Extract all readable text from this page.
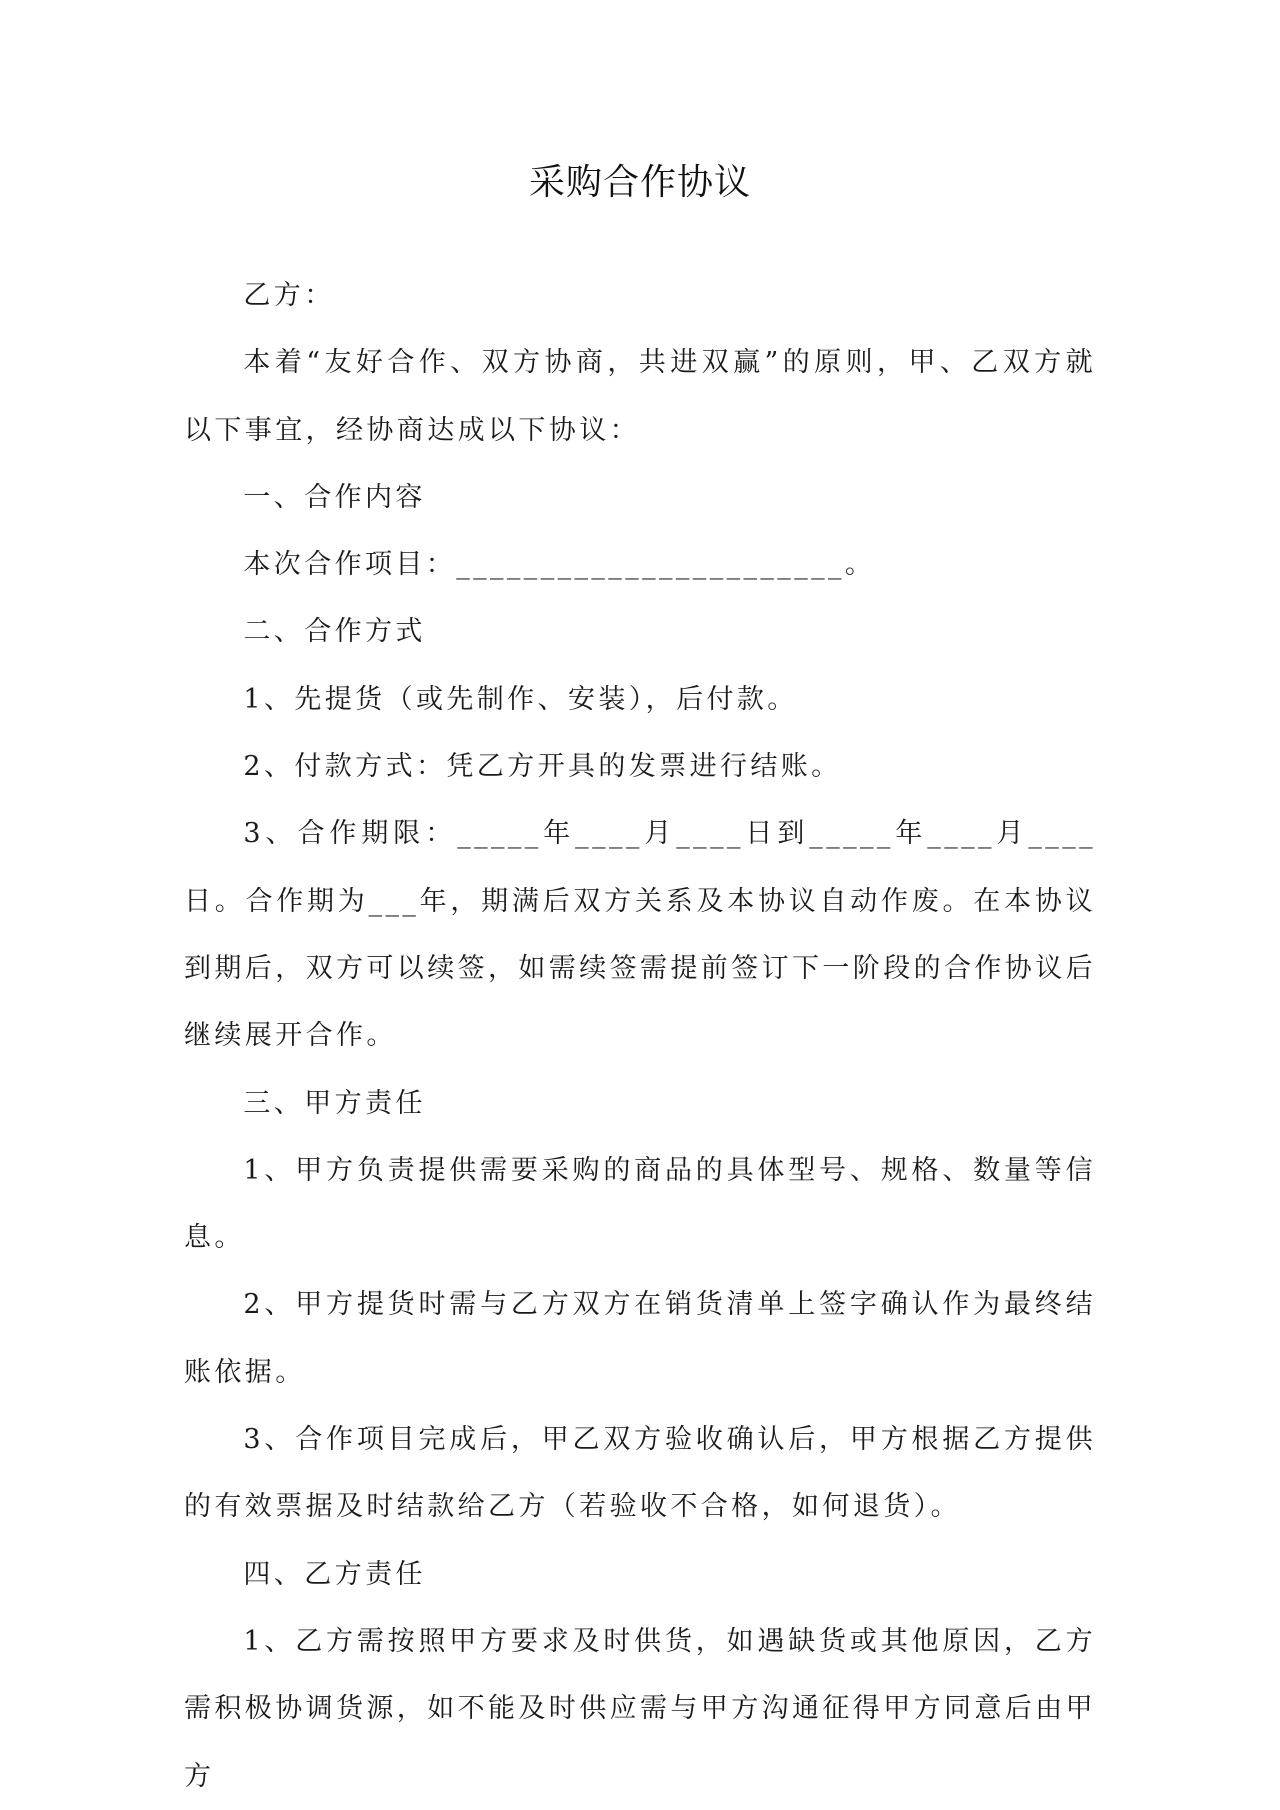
采购合作协议

乙方：

本着“友好合作、双方协商，共进双赢”的原则，甲、乙双方就以下事宜，经协商达成以下协议：

一、合作内容

本次合作项目：_______________________。

二、合作方式

1、先提货（或先制作、安装），后付款。

2、付款方式：凭乙方开具的发票进行结账。

3、合作期限：_____年____月____日到_____年____月____日。合作期为___年，期满后双方关系及本协议自动作废。在本协议到期后，双方可以续签，如需续签需提前签订下一阶段的合作协议后继续展开合作。

三、甲方责任

1、甲方负责提供需要采购的商品的具体型号、规格、数量等信息。

2、甲方提货时需与乙方双方在销货清单上签字确认作为最终结账依据。

3、合作项目完成后，甲乙双方验收确认后，甲方根据乙方提供的有效票据及时结款给乙方（若验收不合格，如何退货）。

四、乙方责任

1、乙方需按照甲方要求及时供货，如遇缺货或其他原因，乙方需积极协调货源，如不能及时供应需与甲方沟通征得甲方同意后由甲方
